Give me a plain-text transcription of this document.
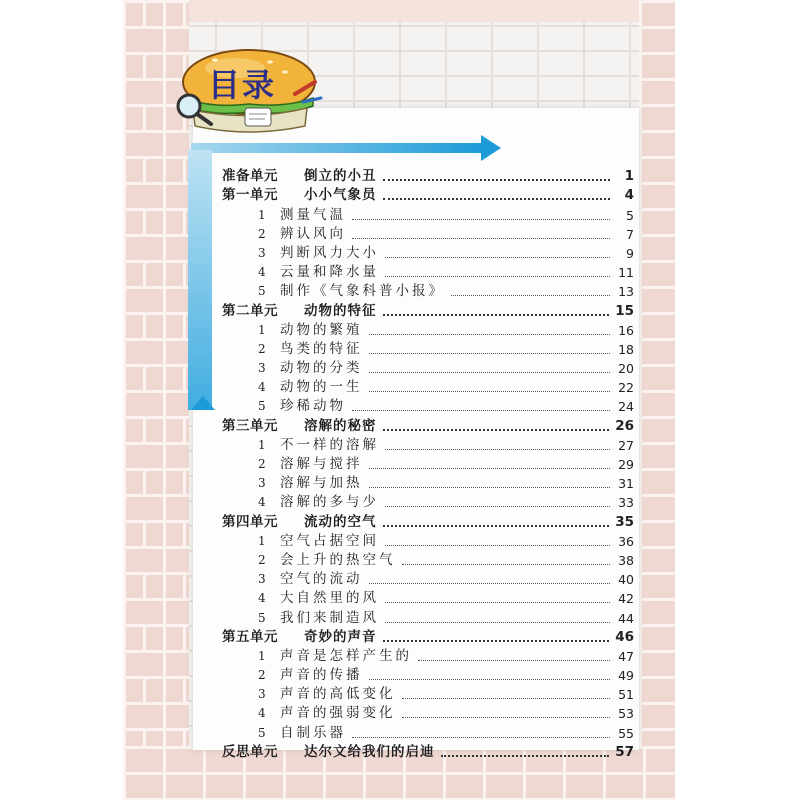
目录
准备单元	倒立的小丑	1
第一单元	小小气象员	4
1	测量气温	5
2	辨认风向	7
3	判断风力大小	9
4	云量和降水量	11
5	制作《气象科普小报》	13
第二单元	动物的特征	15
1	动物的繁殖	16
2	鸟类的特征	18
3	动物的分类	20
4	动物的一生	22
5	珍稀动物	24
第三单元	溶解的秘密	26
1	不一样的溶解	27
2	溶解与搅拌	29
3	溶解与加热	31
4	溶解的多与少	33
第四单元	流动的空气	35
1	空气占据空间	36
2	会上升的热空气	38
3	空气的流动	40
4	大自然里的风	42
5	我们来制造风	44
第五单元	奇妙的声音	46
1	声音是怎样产生的	47
2	声音的传播	49
3	声音的高低变化	51
4	声音的强弱变化	53
5	自制乐器	55
反思单元	达尔文给我们的启迪	57
